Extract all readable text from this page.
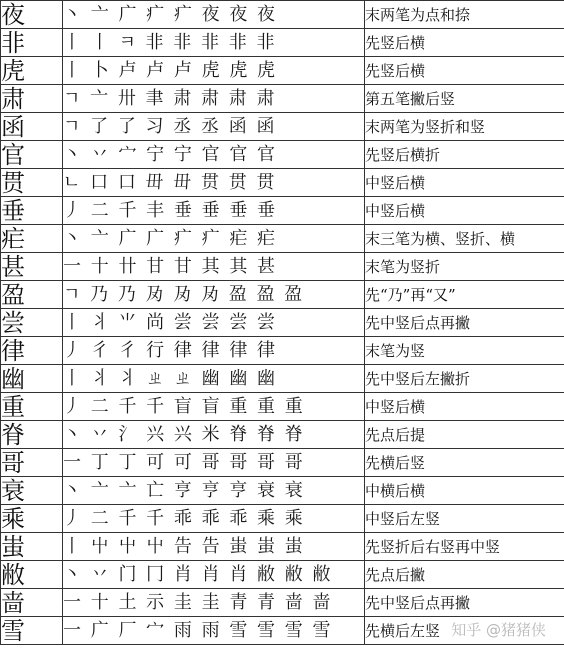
夜	丶 亠 广 疒 疒 夜 夜 夜	末两笔为点和捺
非	丨 丨 ㅋ 非 非 非 非 非	先竖后横
虎	丨 卜 卢 卢 卢 虎 虎 虎	先竖后横
肃	ㄱ 亠 卅 聿 肃 肃 肃 肃	第五笔撇后竖
函	ㄱ 了 了 习 丞 丞 函 函	末两笔为竖折和竖
官	丶 丷 宀 宁 宁 官 官 官	先竖后横折
贯	ㄴ 口 口 毌 毌 贯 贯 贯	中竖后横
垂	丿 二 千 丰 垂 垂 垂 垂	中竖后横
疟	丶 亠 广 广 疒 疒 疟 疟	末三笔为横、竖折、横
甚	一 十 卄 甘 甘 其 其 甚	末笔为竖折
盈	ㄱ 乃 乃 夃 夃 夃 盈 盈 盈	先“乃”再“又”
尝	丨 丬 ⺌ 尚 尝 尝 尝 尝	先中竖后点再撇
律	丿 彳 彳 行 律 律 律 律	末笔为竖
幽	丨 丬 丬 ㄓ ㄓ 幽 幽 幽	先中竖后左撇折
重	丿 二 千 千 盲 盲 重 重 重	中竖后横
脊	丶 丷 氵 兴 兴 米 脊 脊 脊	先点后提
哥	一 丁 丁 可 可 哥 哥 哥 哥	先横后竖
衰	丶 亠 亠 亡 亨 亨 亨 衰 衰	中横后横
乘	丿 二 千 千 乖 乖 乖 乘 乘	中竖后左竖
蚩	丨 屮 屮 屮 告 告 蚩 蚩 蚩	先竖折后右竖再中竖
敝	丶 丷 门 冂 肖 肖 肖 敝 敝 敝	先点后撇
啬	一 十 土 示 圭 圭 青 青 啬 啬	先中竖后点再撇
雪	一 广 厂 宀 雨 雨 雪 雪 雪 雪	先横后左竖 知乎 @猪猪侠
